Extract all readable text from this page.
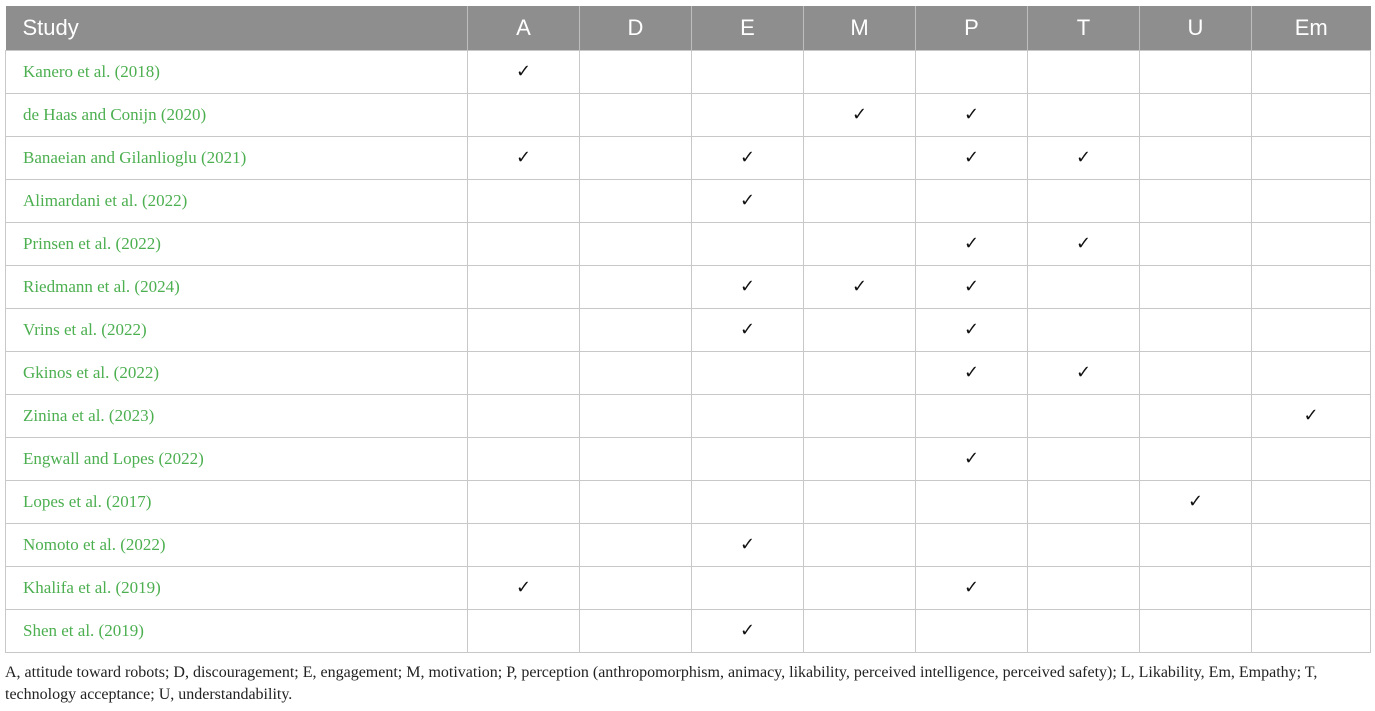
Study	A	D	E	M	P	T	U	Em
Kanero et al. (2018)	✓							
de Haas and Conijn (2020)				✓	✓			
Banaeian and Gilanlioglu (2021)	✓		✓		✓	✓		
Alimardani et al. (2022)			✓					
Prinsen et al. (2022)					✓	✓		
Riedmann et al. (2024)			✓	✓	✓			
Vrins et al. (2022)			✓		✓			
Gkinos et al. (2022)					✓	✓		
Zinina et al. (2023)								✓
Engwall and Lopes (2022)					✓			
Lopes et al. (2017)							✓	
Nomoto et al. (2022)			✓					
Khalifa et al. (2019)	✓				✓			
Shen et al. (2019)			✓					
A, attitude toward robots; D, discouragement; E, engagement; M, motivation; P, perception (anthropomorphism, animacy, likability, perceived intelligence, perceived safety); L, Likability, Em, Empathy; T, technology acceptance; U, understandability.
